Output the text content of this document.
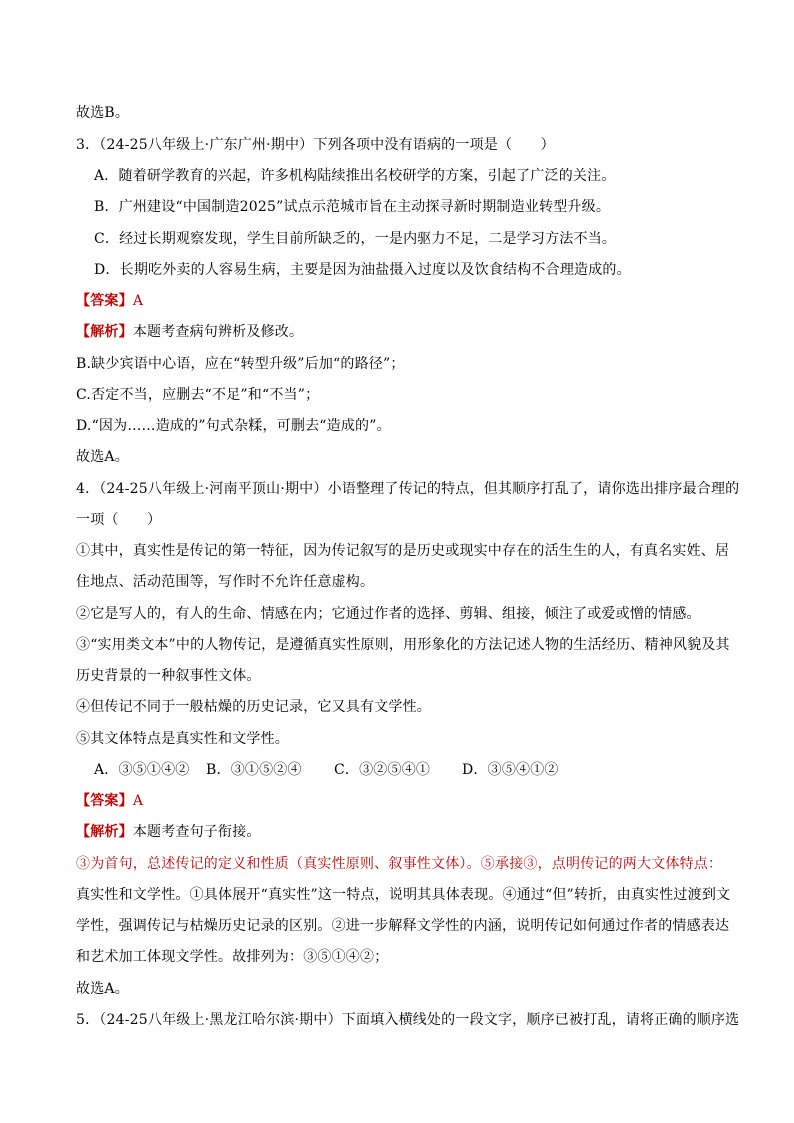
故选B。
3．（24-25八年级上·广东广州·期中）下列各项中没有语病的一项是（　　）
A．随着研学教育的兴起，许多机构陆续推出名校研学的方案，引起了广泛的关注。
B．广州建设“中国制造2025”试点示范城市旨在主动探寻新时期制造业转型升级。
C．经过长期观察发现，学生目前所缺乏的，一是内驱力不足，二是学习方法不当。
D．长期吃外卖的人容易生病，主要是因为油盐摄入过度以及饮食结构不合理造成的。
【答案】A
【解析】本题考查病句辨析及修改。
B.缺少宾语中心语，应在“转型升级”后加“的路径”；
C.否定不当，应删去“不足”和“不当”；
D.“因为……造成的”句式杂糅，可删去“造成的”。
故选A。
4．（24-25八年级上·河南平顶山·期中）小语整理了传记的特点，但其顺序打乱了，请你选出排序最合理的
一项（　　）
①其中，真实性是传记的第一特征，因为传记叙写的是历史或现实中存在的活生生的人，有真名实姓、居
住地点、活动范围等，写作时不允许任意虚构。
②它是写人的，有人的生命、情感在内；它通过作者的选择、剪辑、组接，倾注了或爱或憎的情感。
③“实用类文本”中的人物传记，是遵循真实性原则，用形象化的方法记述人物的生活经历、精神风貌及其
历史背景的一种叙事性文体。
④但传记不同于一般枯燥的历史记录，它又具有文学性。
⑤其文体特点是真实性和文学性。
A．③⑤①④② B．③①⑤②④ C．③②⑤④① D．③⑤④①②
【答案】A
【解析】本题考查句子衔接。
③为首句，总述传记的定义和性质（真实性原则、叙事性文体）。⑤承接③，点明传记的两大文体特点：
真实性和文学性。①具体展开“真实性”这一特点，说明其具体表现。④通过“但”转折，由真实性过渡到文
学性，强调传记与枯燥历史记录的区别。②进一步解释文学性的内涵，说明传记如何通过作者的情感表达
和艺术加工体现文学性。故排列为：③⑤①④②；
故选A。
5．（24-25八年级上·黑龙江哈尔滨·期中）下面填入横线处的一段文字，顺序已被打乱，请将正确的顺序选
